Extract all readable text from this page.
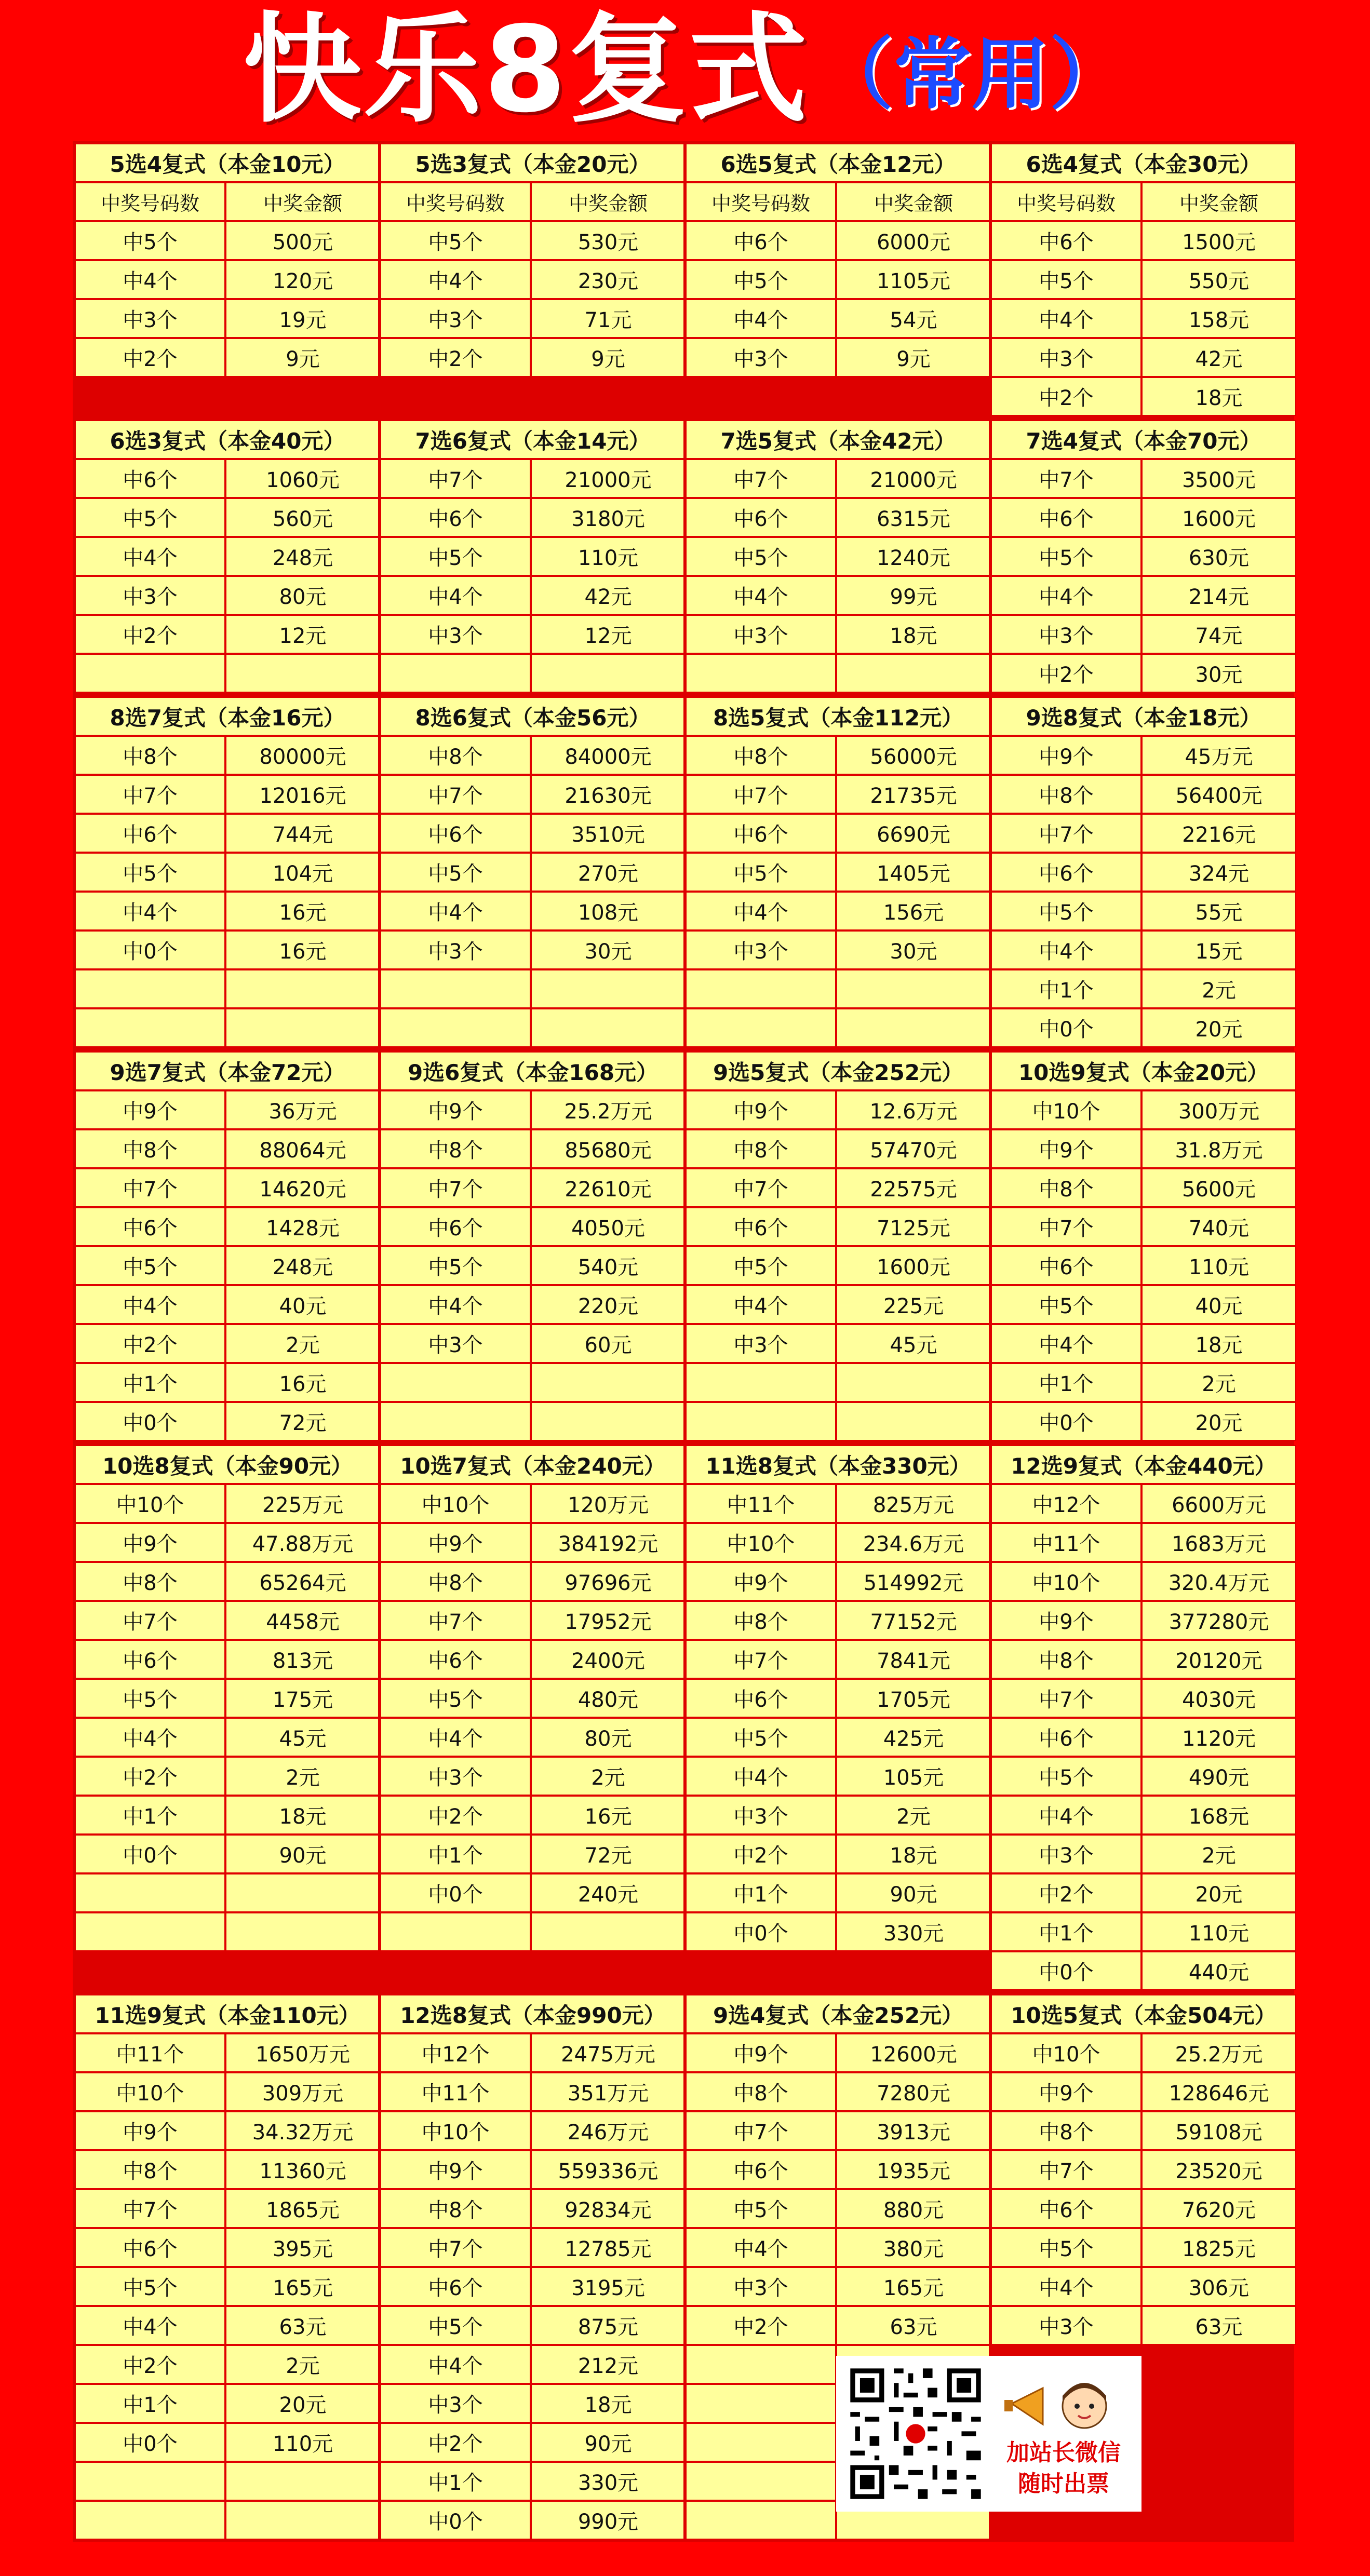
快乐8复式 （常用）
5选4复式（本金10元）
中奖号码数	中奖金额
中5个	500元
中4个	120元
中3个	19元
中2个	9元
5选3复式（本金20元）
中奖号码数	中奖金额
中5个	530元
中4个	230元
中3个	71元
中2个	9元
6选5复式（本金12元）
中奖号码数	中奖金额
中6个	6000元
中5个	1105元
中4个	54元
中3个	9元
6选4复式（本金30元）
中奖号码数	中奖金额
中6个	1500元
中5个	550元
中4个	158元
中3个	42元
中2个	18元
6选3复式（本金40元）
中6个	1060元
中5个	560元
中4个	248元
中3个	80元
中2个	12元
7选6复式（本金14元）
中7个	21000元
中6个	3180元
中5个	110元
中4个	42元
中3个	12元
7选5复式（本金42元）
中7个	21000元
中6个	6315元
中5个	1240元
中4个	99元
中3个	18元
7选4复式（本金70元）
中7个	3500元
中6个	1600元
中5个	630元
中4个	214元
中3个	74元
中2个	30元
8选7复式（本金16元）
中8个	80000元
中7个	12016元
中6个	744元
中5个	104元
中4个	16元
中0个	16元
8选6复式（本金56元）
中8个	84000元
中7个	21630元
中6个	3510元
中5个	270元
中4个	108元
中3个	30元
8选5复式（本金112元）
中8个	56000元
中7个	21735元
中6个	6690元
中5个	1405元
中4个	156元
中3个	30元
9选8复式（本金18元）
中9个	45万元
中8个	56400元
中7个	2216元
中6个	324元
中5个	55元
中4个	15元
中1个	2元
中0个	20元
9选7复式（本金72元）
中9个	36万元
中8个	88064元
中7个	14620元
中6个	1428元
中5个	248元
中4个	40元
中2个	2元
中1个	16元
中0个	72元
9选6复式（本金168元）
中9个	25.2万元
中8个	85680元
中7个	22610元
中6个	4050元
中5个	540元
中4个	220元
中3个	60元
9选5复式（本金252元）
中9个	12.6万元
中8个	57470元
中7个	22575元
中6个	7125元
中5个	1600元
中4个	225元
中3个	45元
10选9复式（本金20元）
中10个	300万元
中9个	31.8万元
中8个	5600元
中7个	740元
中6个	110元
中5个	40元
中4个	18元
中1个	2元
中0个	20元
10选8复式（本金90元）
中10个	225万元
中9个	47.88万元
中8个	65264元
中7个	4458元
中6个	813元
中5个	175元
中4个	45元
中2个	2元
中1个	18元
中0个	90元
10选7复式（本金240元）
中10个	120万元
中9个	384192元
中8个	97696元
中7个	17952元
中6个	2400元
中5个	480元
中4个	80元
中3个	2元
中2个	16元
中1个	72元
中0个	240元
11选8复式（本金330元）
中11个	825万元
中10个	234.6万元
中9个	514992元
中8个	77152元
中7个	7841元
中6个	1705元
中5个	425元
中4个	105元
中3个	2元
中2个	18元
中1个	90元
中0个	330元
12选9复式（本金440元）
中12个	6600万元
中11个	1683万元
中10个	320.4万元
中9个	377280元
中8个	20120元
中7个	4030元
中6个	1120元
中5个	490元
中4个	168元
中3个	2元
中2个	20元
中1个	110元
中0个	440元
11选9复式（本金110元）
中11个	1650万元
中10个	309万元
中9个	34.32万元
中8个	11360元
中7个	1865元
中6个	395元
中5个	165元
中4个	63元
中2个	2元
中1个	20元
中0个	110元
12选8复式（本金990元）
中12个	2475万元
中11个	351万元
中10个	246万元
中9个	559336元
中8个	92834元
中7个	12785元
中6个	3195元
中5个	875元
中4个	212元
中3个	18元
中2个	90元
中1个	330元
中0个	990元
9选4复式（本金252元）
中9个	12600元
中8个	7280元
中7个	3913元
中6个	1935元
中5个	880元
中4个	380元
中3个	165元
中2个	63元
10选5复式（本金504元）
中10个	25.2万元
中9个	128646元
中8个	59108元
中7个	23520元
中6个	7620元
中5个	1825元
中4个	306元
中3个	63元
加站长微信
随时出票
